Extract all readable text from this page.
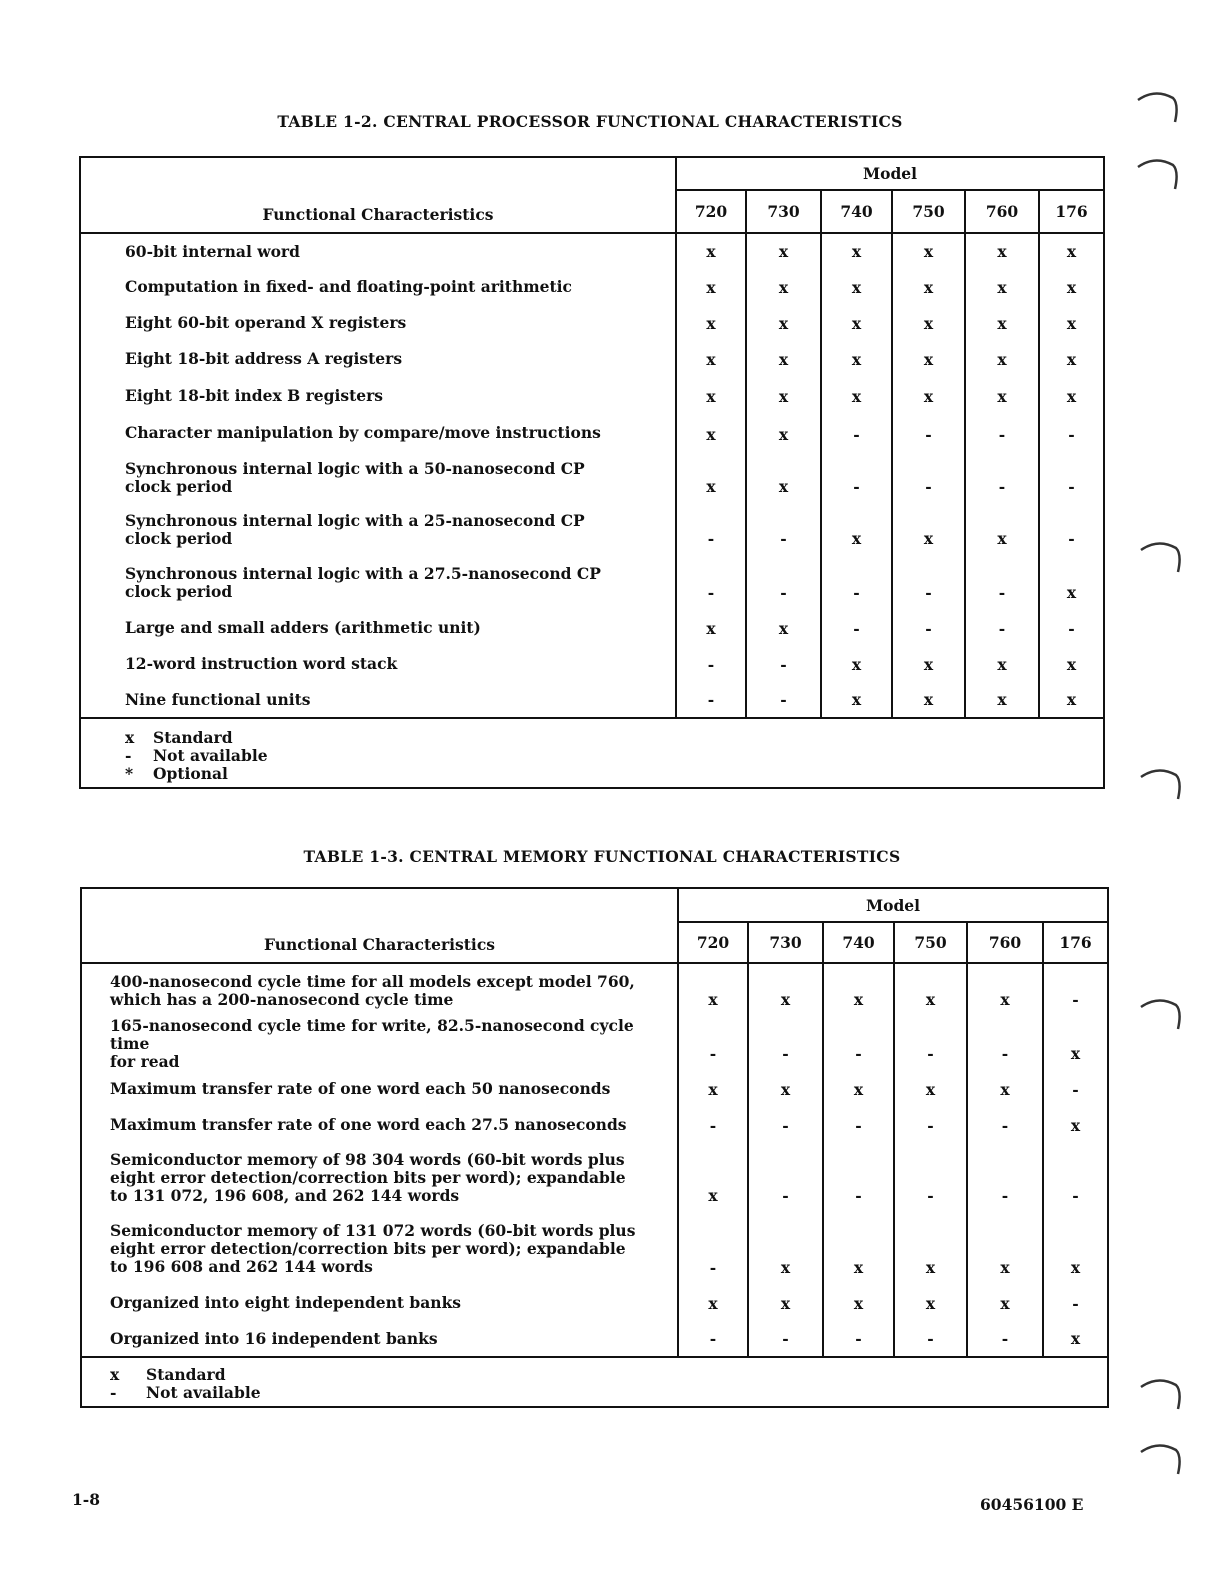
TABLE 1-2. CENTRAL PROCESSOR FUNCTIONAL CHARACTERISTICS
Functional Characteristics	Model					
	720	730	740	750	760	176
60-bit internal word	x	x	x	x	x	x
Computation in fixed- and floating-point arithmetic	x	x	x	x	x	x
Eight 60-bit operand X registers	x	x	x	x	x	x
Eight 18-bit address A registers	x	x	x	x	x	x
Eight 18-bit index B registers	x	x	x	x	x	x
Character manipulation by compare/move instructions	x	x	-	-	-	-
Synchronous internal logic with a 50-nanosecond CP
clock period	x	x	-	-	-	-
Synchronous internal logic with a 25-nanosecond CP
clock period	-	-	x	x	x	-
Synchronous internal logic with a 27.5-nanosecond CP
clock period	-	-	-	-	-	x
Large and small adders (arithmetic unit)	x	x	-	-	-	-
12-word instruction word stack	-	-	x	x	x	x
Nine functional units	-	-	x	x	x	x

x Standard
- Not available
* Optional						
TABLE 1-3. CENTRAL MEMORY FUNCTIONAL CHARACTERISTICS
Functional Characteristics	Model					
	720	730	740	750	760	176
400-nanosecond cycle time for all models except model 760,
which has a 200-nanosecond cycle time	x	x	x	x	x	-
165-nanosecond cycle time for write, 82.5-nanosecond cycle time
for read	-	-	-	-	-	x
Maximum transfer rate of one word each 50 nanoseconds	x	x	x	x	x	-
Maximum transfer rate of one word each 27.5 nanoseconds	-	-	-	-	-	x
Semiconductor memory of 98 304 words (60-bit words plus
eight error detection/correction bits per word); expandable
to 131 072, 196 608, and 262 144 words	x	-	-	-	-	-
Semiconductor memory of 131 072 words (60-bit words plus
eight error detection/correction bits per word); expandable
to 196 608 and 262 144 words	-	x	x	x	x	x
Organized into eight independent banks	x	x	x	x	x	-
Organized into 16 independent banks	-	-	-	-	-	x

x Standard
- Not available						
1-8	60456100 E
